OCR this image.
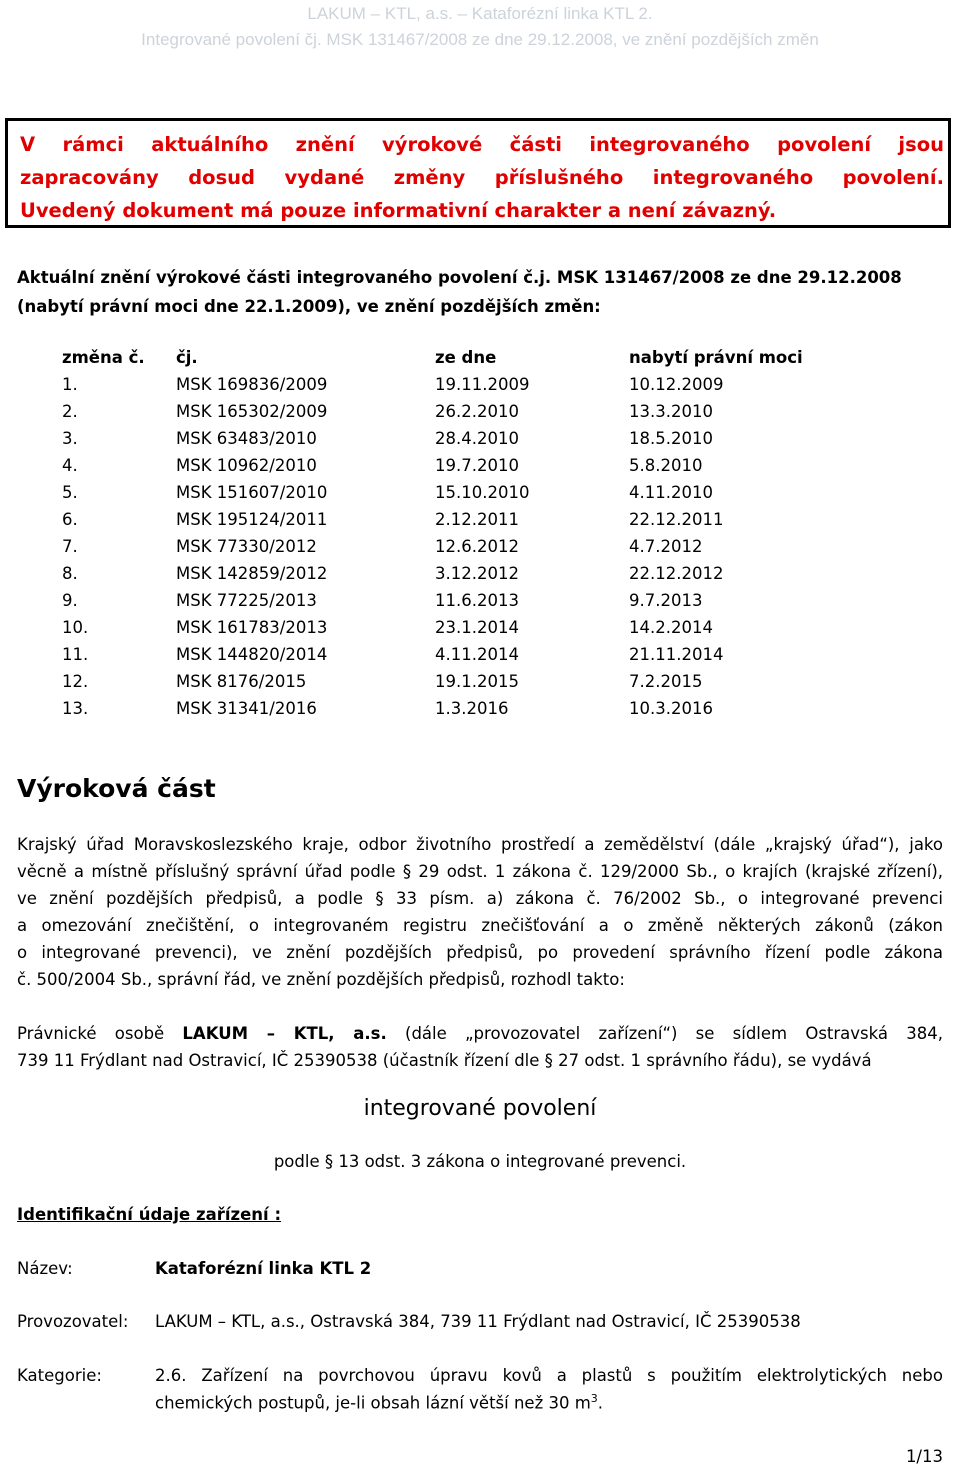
LAKUM – KTL, a.s. – Kataforézní linka KTL 2.
Integrované povolení čj. MSK 131467/2008 ze dne 29.12.2008, ve znění pozdějších změn
V rámci aktuálního znění výrokové části integrovaného povolení jsou
zapracovány dosud vydané změny příslušného integrovaného povolení.
Uvedený dokument má pouze informativní charakter a není závazný.
Aktuální znění výrokové části integrovaného povolení č.j. MSK 131467/2008 ze dne 29.12.2008
(nabytí právní moci dne 22.1.2009), ve znění pozdějších změn:
změna č.	čj.	ze dne	nabytí právní moci
1.	MSK 169836/2009	19.11.2009	10.12.2009
2.	MSK 165302/2009	26.2.2010	13.3.2010
3.	MSK 63483/2010	28.4.2010	18.5.2010
4.	MSK 10962/2010	19.7.2010	5.8.2010
5.	MSK 151607/2010	15.10.2010	4.11.2010
6.	MSK 195124/2011	2.12.2011	22.12.2011
7.	MSK 77330/2012	12.6.2012	4.7.2012
8.	MSK 142859/2012	3.12.2012	22.12.2012
9.	MSK 77225/2013	11.6.2013	9.7.2013
10.	MSK 161783/2013	23.1.2014	14.2.2014
11.	MSK 144820/2014	4.11.2014	21.11.2014
12.	MSK 8176/2015	19.1.2015	7.2.2015
13.	MSK 31341/2016	1.3.2016	10.3.2016
Výroková část
Krajský úřad Moravskoslezského kraje, odbor životního prostředí a zemědělství (dále „krajský úřad“), jako
věcně a místně příslušný správní úřad podle § 29 odst. 1 zákona č. 129/2000 Sb., o krajích (krajské zřízení),
ve znění pozdějších předpisů, a podle § 33 písm. a) zákona č. 76/2002 Sb., o integrované prevenci
a omezování znečištění, o integrovaném registru znečišťování a o změně některých zákonů (zákon
o integrované prevenci), ve znění pozdějších předpisů, po provedení správního řízení podle zákona
č. 500/2004 Sb., správní řád, ve znění pozdějších předpisů, rozhodl takto:
Právnické osobě LAKUM – KTL, a.s. (dále „provozovatel zařízení“) se sídlem Ostravská 384,
739 11 Frýdlant nad Ostravicí, IČ 25390538 (účastník řízení dle § 27 odst. 1 správního řádu), se vydává
integrované povolení
podle § 13 odst. 3 zákona o integrované prevenci.
Identifikační údaje zařízení :
Název:	Kataforézní linka KTL 2
Provozovatel: LAKUM – KTL, a.s., Ostravská 384, 739 11 Frýdlant nad Ostravicí, IČ 25390538
Kategorie:	2.6. Zařízení na povrchovou úpravu kovů a plastů s použitím elektrolytických nebo
chemických postupů, je-li obsah lázní větší než 30 $m^3$.
1/13
